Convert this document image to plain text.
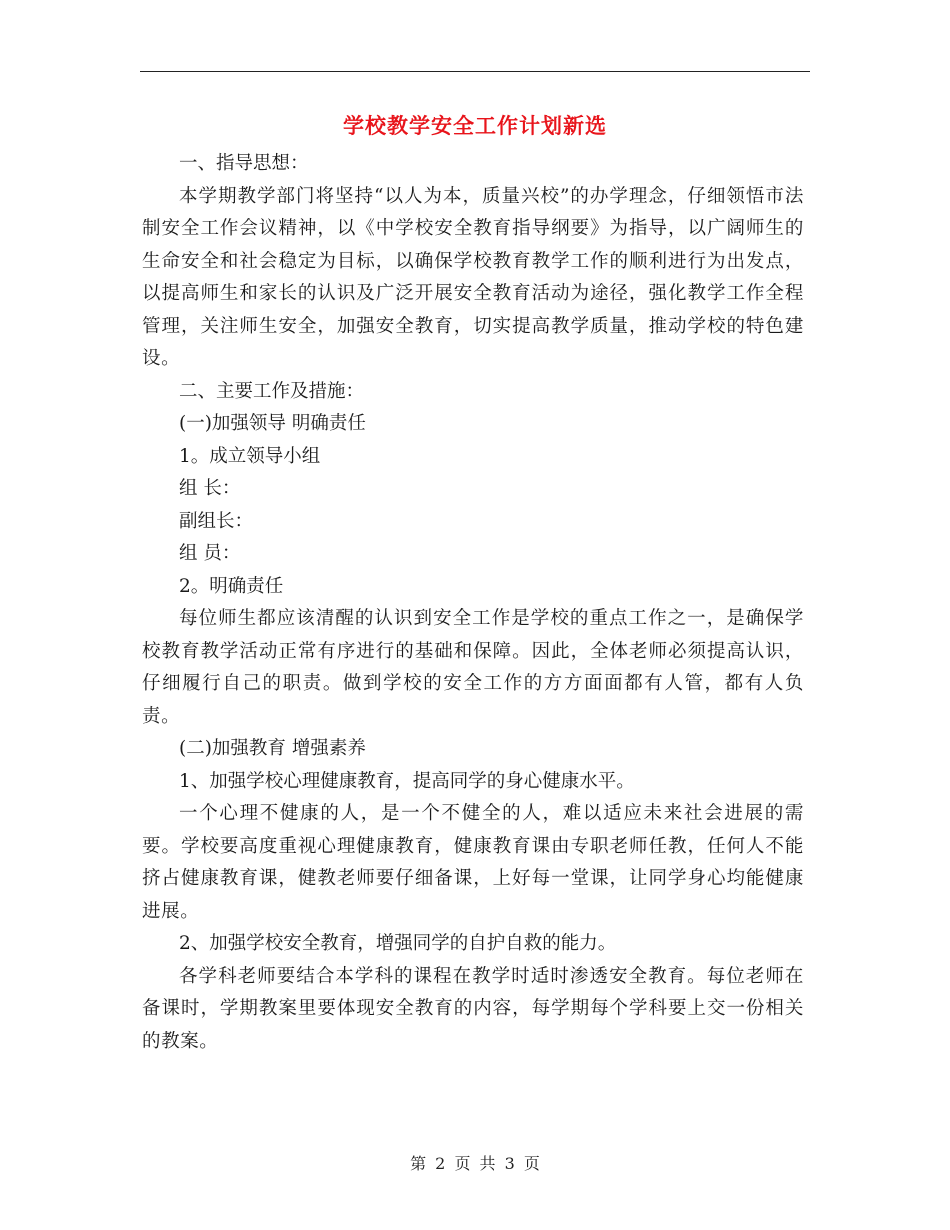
学校教学安全工作计划新选

一、指导思想：

本学期教学部门将坚持“以人为本，质量兴校”的办学理念，仔细领悟市法制安全工作会议精神，以《中学校安全教育指导纲要》为指导，以广阔师生的生命安全和社会稳定为目标，以确保学校教育教学工作的顺利进行为出发点，以提高师生和家长的认识及广泛开展安全教育活动为途径，强化教学工作全程管理，关注师生安全，加强安全教育，切实提高教学质量，推动学校的特色建设。

二、主要工作及措施：

(一)加强领导 明确责任

1。成立领导小组

组 长：

副组长：

组 员：

2。明确责任

每位师生都应该清醒的认识到安全工作是学校的重点工作之一，是确保学校教育教学活动正常有序进行的基础和保障。因此，全体老师必须提高认识，仔细履行自己的职责。做到学校的安全工作的方方面面都有人管，都有人负责。

(二)加强教育 增强素养

1、加强学校心理健康教育，提高同学的身心健康水平。

一个心理不健康的人，是一个不健全的人，难以适应未来社会进展的需要。学校要高度重视心理健康教育，健康教育课由专职老师任教，任何人不能挤占健康教育课，健教老师要仔细备课，上好每一堂课，让同学身心均能健康进展。

2、加强学校安全教育，增强同学的自护自救的能力。

各学科老师要结合本学科的课程在教学时适时渗透安全教育。每位老师在备课时，学期教案里要体现安全教育的内容，每学期每个学科要上交一份相关的教案。

第 2 页 共 3 页
